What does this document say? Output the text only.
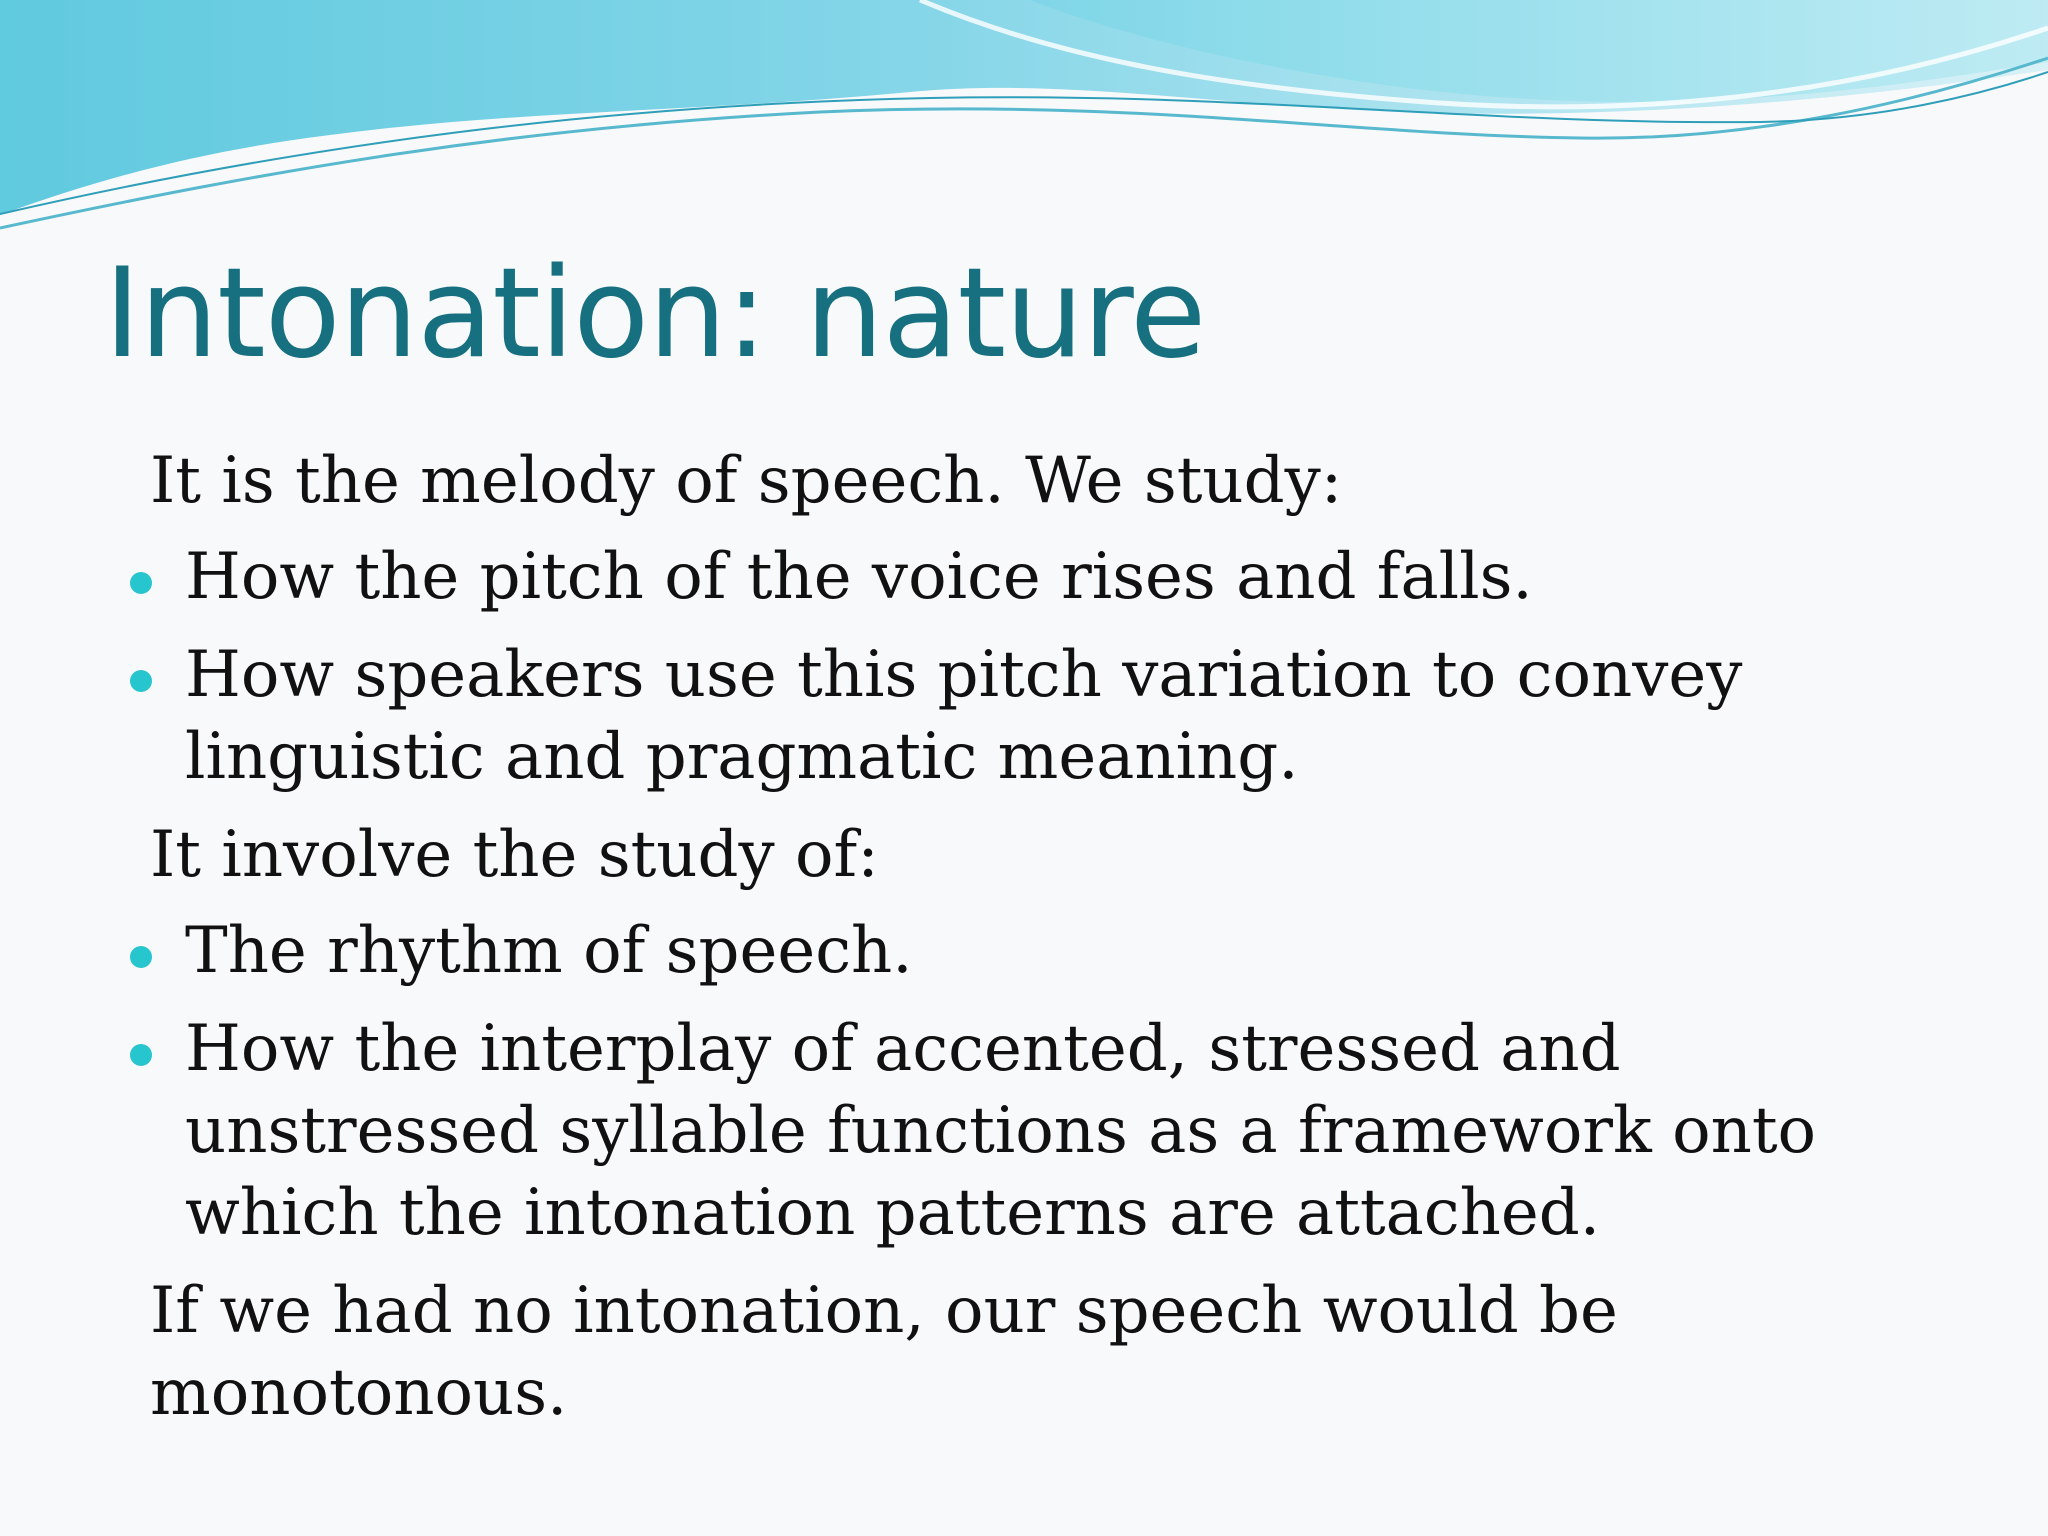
Intonation: nature
It is the melody of speech. We study:
How the pitch of the voice rises and falls.
How speakers use this pitch variation to convey linguistic and pragmatic meaning.
It involve the study of:
The rhythm of speech.
How the interplay of accented, stressed and unstressed syllable functions as a framework onto which the intonation patterns are attached.
If we had no intonation, our speech would be monotonous.
